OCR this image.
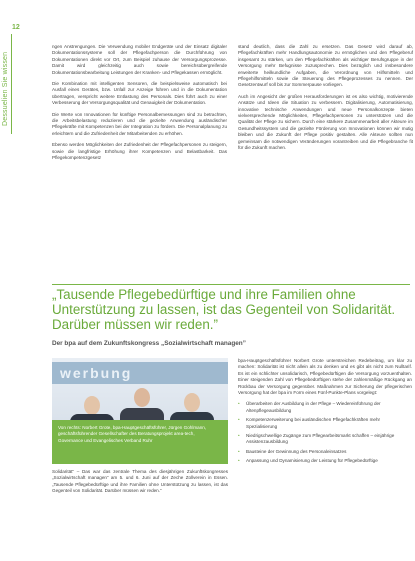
12
Dessuelien Sie wissen

ngen Anstrengungen. Die Verwendung mobiler Endgeräte und der Einsatz digitaler Dokumentationssysteme soll der Pflegefachperson die Durchführung von Dokumentationen direkt vor Ort, zum Beispiel zuhause der Versorgungsprozesse. Damit wird gleichzeitig auch sowie bereichsübergreifende Dokumentationsbearbeitung Leistungen der Kranken- und Pflegekassen ermöglicht.

Die Kombination mit intelligenten Sensoren, die beispielsweise automatisch bei Ausfall eines Gerätes, bzw. Unfall zur Anzeige führen und in die Dokumentation übertragen, verspricht weitere Entlastung des Personals. Dies führt auch zu einer Verbesserung der Versorgungsqualität und Genauigkeit der Dokumentation.

Die Werte von Innovationen für künftige Personalbemessungen sind zu betrachten, die Arbeitsbelastung reduzieren und die gezielte Anwendung ausländischer Pflegekräfte mit Kompetenzen bei der Integration zu fördern. Die Personalplanung zu erleichtern und die Zufriedenheit der Mitarbeitenden zu erhöhen.

Ebenso werden Möglichkeiten der Zufriedenheit der Pflegefachpersonen zu steigern, sowie die langfristige Erhöhung ihrer Kompetenzen und Belastbarkeit. Das Pflegekompetenzgesetz

stand deutlich, dass die Zahl zu ersetzen. Das Gesetz wird darauf ab, Pflegefachkräften mehr Handlungsautonomie zu ermöglichen und den Pflegeberuf insgesamt zu stärken, um den Pflegefachkräften als wichtiger Berufsgruppe in der Versorgung mehr Befugnisse zuzusprechen. Dies bezüglich und insbesondere erweiterte heilkundliche Aufgaben, die Verordnung von Hilfsmitteln und Pflegehilfsmitteln sowie die Steuerung des Pflegeprozesses zu nennen. Der Gesetzentwurf soll bis zur Sommerpause vorliegen.

Auch im Angesicht der großen Herausforderungen ist es also wichtig, motivierende Ansätze und Ideen die Situation zu verbessern. Digitalisierung, Automatisierung, innovative technische Anwendungen und neue Personalkonzepte bieten vielversprechende Möglichkeiten, Pflegefachpersonen zu unterstützen und die Qualität der Pflege zu sichern. Durch eine stärkere Zusammenarbeit aller Akteure im Gesundheitssystem und die gezielte Förderung von Innovationen können wir mutig bleiben und die Zukunft der Pflege positiv gestalten. Alle Akteure sollten nun gemeinsam die notwendigen Veränderungen vorantreiben und die Pflegebranche fit für die Zukunft machen.

„Tausende Pflegebedürftige und ihre Familien ohne Unterstützung zu lassen, ist das Gegenteil von Solidarität. Darüber müssen wir reden.”
Der bpa auf dem Zukunftskongress „Sozialwirtschaft managen”
werbung
Von rechts: Norbert Grote, bpa-Hauptgeschäftsführer, Jürgen Gohlmann, geschäftsführender Gesellschafter des Beratungsprojekt area-tech, Governance und Evangelisches Verband Ruhr

Solidarität” – Das war das zentrale Thema des diesjährigen Zukunftskongresses „Sozialwirtschaft managen” am 5. und 6. Juni auf der Zeche Zollverein in Essen. „Tausende Pflegebedürftige und ihre Familien ohne Unterstützung zu lassen, ist das Gegenteil von Solidarität. Darüber müssen wir reden.”

bpa-Hauptgeschäftsführer Norbert Grote unterstreichen Redebeitrag, um klar zu machen: Solidarität ist nicht allein als zu denken und es gibt als nicht zum Nulltarif. Es ist ein schlichter unsolidarisch, Pflegebedürftigen die Versorgung vorzuenthalten. Einer steigenden Zahl von Pflegebedürftigen stehe der zahlenmäßige Rückgang an Rückbau der Versorgung gegenüber. Maßnahmen zur Sicherung der pflegerischen Versorgung hat der bpa im Form eines Fünf-Punkte-Plans vorgelegt:

• Überarbeiten der Ausbildung in der Pflege – Wiedereinführung der Altenpflegeausbildung
• Kompetenzerweiterung bei ausländischen Pflegefachkräften mehr Spezialisierung
• Niedrigschwellige Zugänge zum Pflegearbeitsmarkt schaffen – einjährige Assistenzausbildung
• Bausteine der Gewinnung des Personaleinsatzes
• Anpassung und Dynamisierung der Leistung für Pflegebedürftige
